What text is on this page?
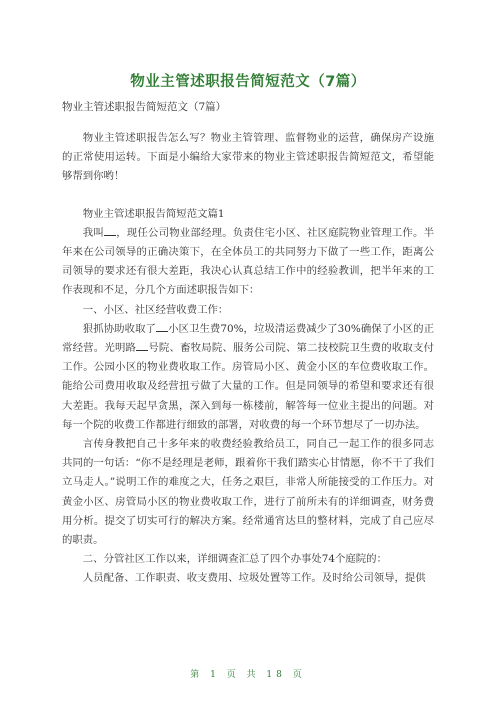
物业主管述职报告简短范文（7篇）
物业主管述职报告简短范文（7篇）

物业主管述职报告怎么写？物业主管管理、监督物业的运营，确保房产设施的正常使用运转。下面是小编给大家带来的物业主管述职报告简短范文，希望能够帮到你哟！

物业主管述职报告简短范文篇1

我叫 ，现任公司物业部经理。负责住宅小区、社区庭院物业管理工作。半年来在公司领导的正确决策下，在全体员工的共同努力下做了一些工作，距离公司领导的要求还有很大差距，我决心认真总结工作中的经验教训，把半年来的工作表现和不足，分几个方面述职报告如下：

一、小区、社区经营收费工作：

狠抓协助收取了 小区卫生费70%，垃圾清运费减少了30%确保了小区的正常经营。光明路 号院、畜牧局院、服务公司院、第二技校院卫生费的收取支付工作。公园小区的物业费收取工作。房管局小区、黄金小区的车位费收取工作。能给公司费用收取及经营扭亏做了大量的工作。但是同领导的希望和要求还有很大差距。我每天起早贪黑，深入到每一栋楼前，解答每一位业主提出的问题。对每一个院的收费工作都进行细致的部署，对收费的每一个环节想尽了一切办法。

言传身教把自己十多年来的收费经验教给员工，同自己一起工作的很多同志共同的一句话：“你不是经理是老师，跟着你干我们踏实心甘情愿，你不干了我们立马走人。”说明工作的难度之大，任务之艰巨，非常人所能接受的工作压力。对黄金小区、房管局小区的物业费收取工作，进行了前所未有的详细调查，财务费用分析。提交了切实可行的解决方案。经常通宵达旦的整材料，完成了自己应尽的职责。

二、分管社区工作以来，详细调查汇总了四个办事处74个庭院的：

人员配备、工作职责、收支费用、垃圾处置等工作。及时给公司领导，提供

第 1 页 共 18 页
